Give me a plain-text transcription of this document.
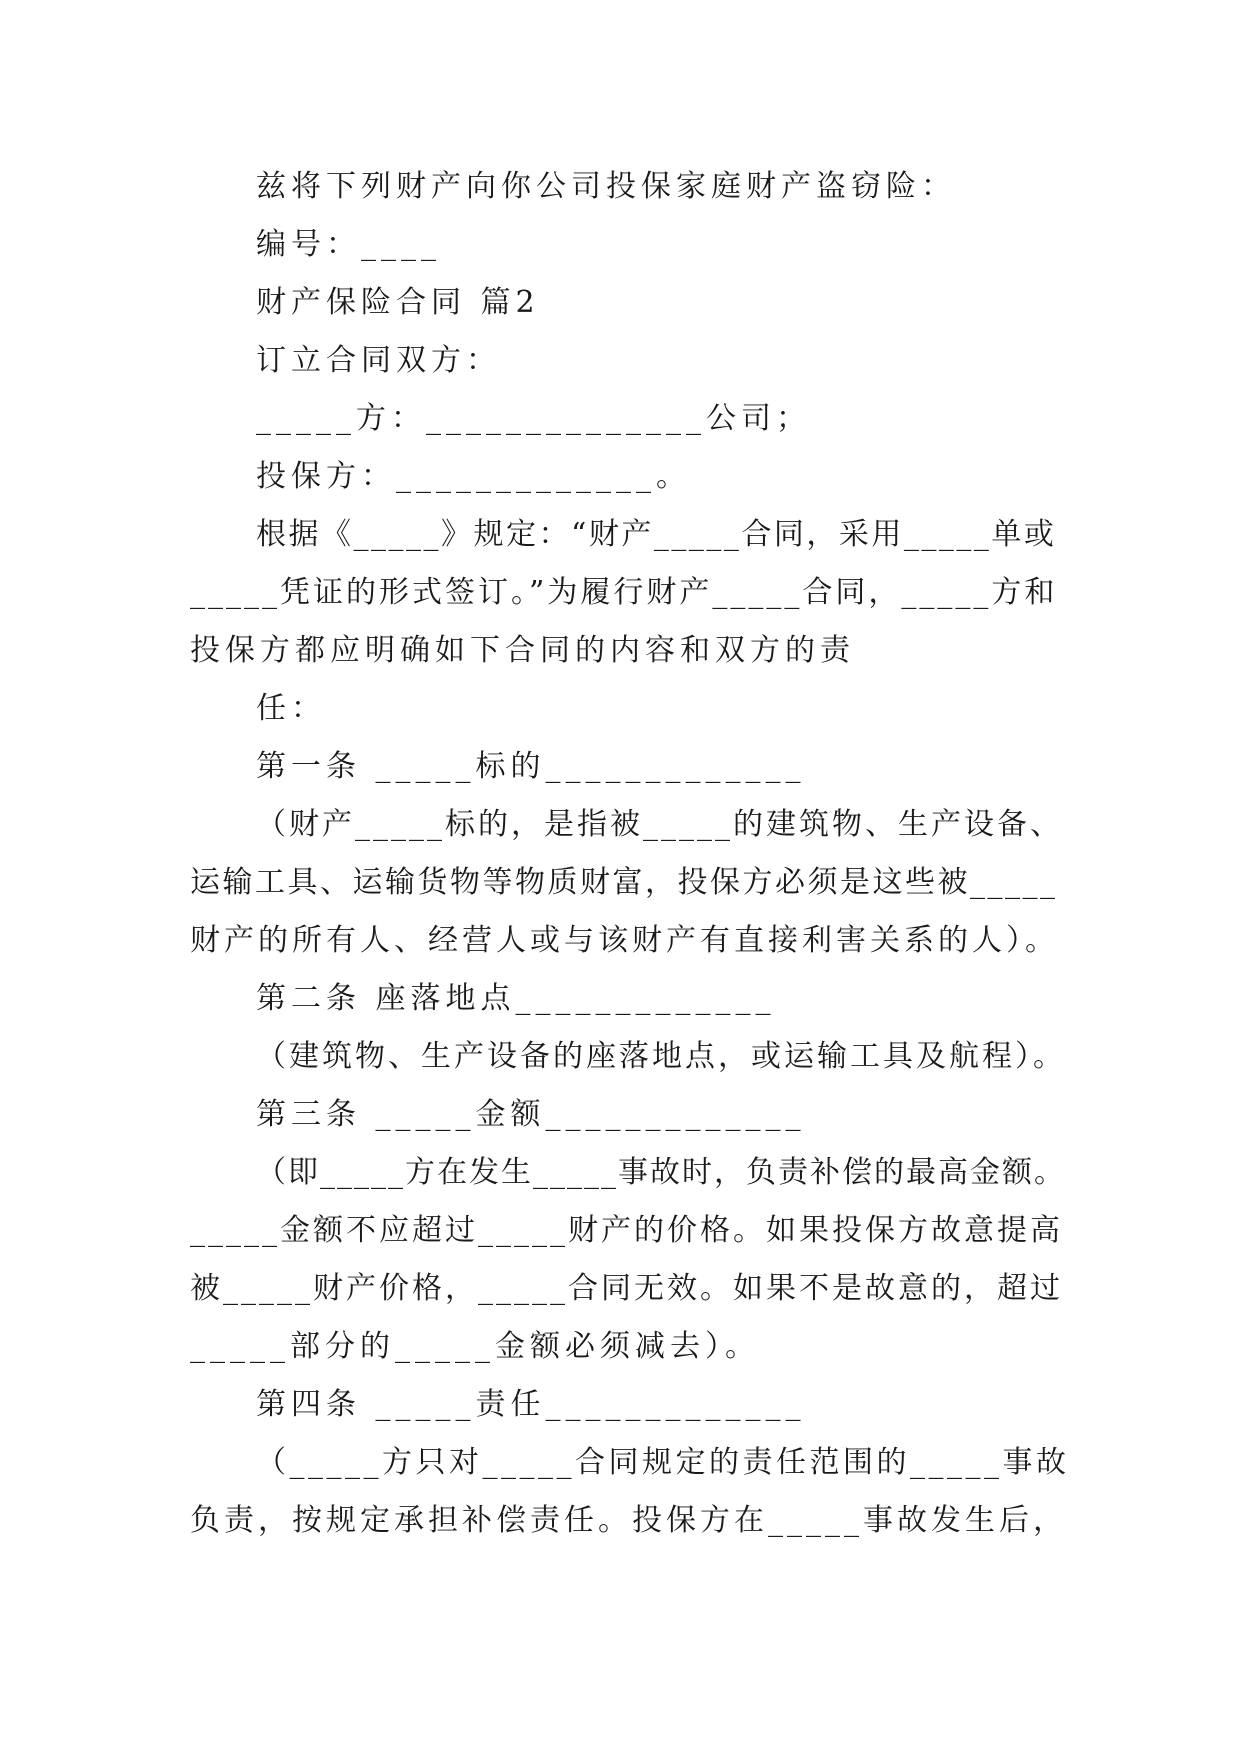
兹将下列财产向你公司投保家庭财产盗窃险：
编号：____
财产保险合同 篇2
订立合同双方：
_____方：______________公司；
投保方：_____________。
根据《_____》规定：“财产_____合同，采用_____单或
_____凭证的形式签订。”为履行财产_____合同，_____方和
投保方都应明确如下合同的内容和双方的责
任：
第一条 _____标的_____________
（财产_____标的，是指被_____的建筑物、生产设备、
运输工具、运输货物等物质财富，投保方必须是这些被_____
财产的所有人、经营人或与该财产有直接利害关系的人）。
第二条 座落地点_____________
（建筑物、生产设备的座落地点，或运输工具及航程）。
第三条 _____金额_____________
（即_____方在发生_____事故时，负责补偿的最高金额。
_____金额不应超过_____财产的价格。如果投保方故意提高
被_____财产价格，_____合同无效。如果不是故意的，超过
_____部分的_____金额必须减去）。
第四条 _____责任_____________
（_____方只对_____合同规定的责任范围的_____事故
负责，按规定承担补偿责任。投保方在_____事故发生后，
